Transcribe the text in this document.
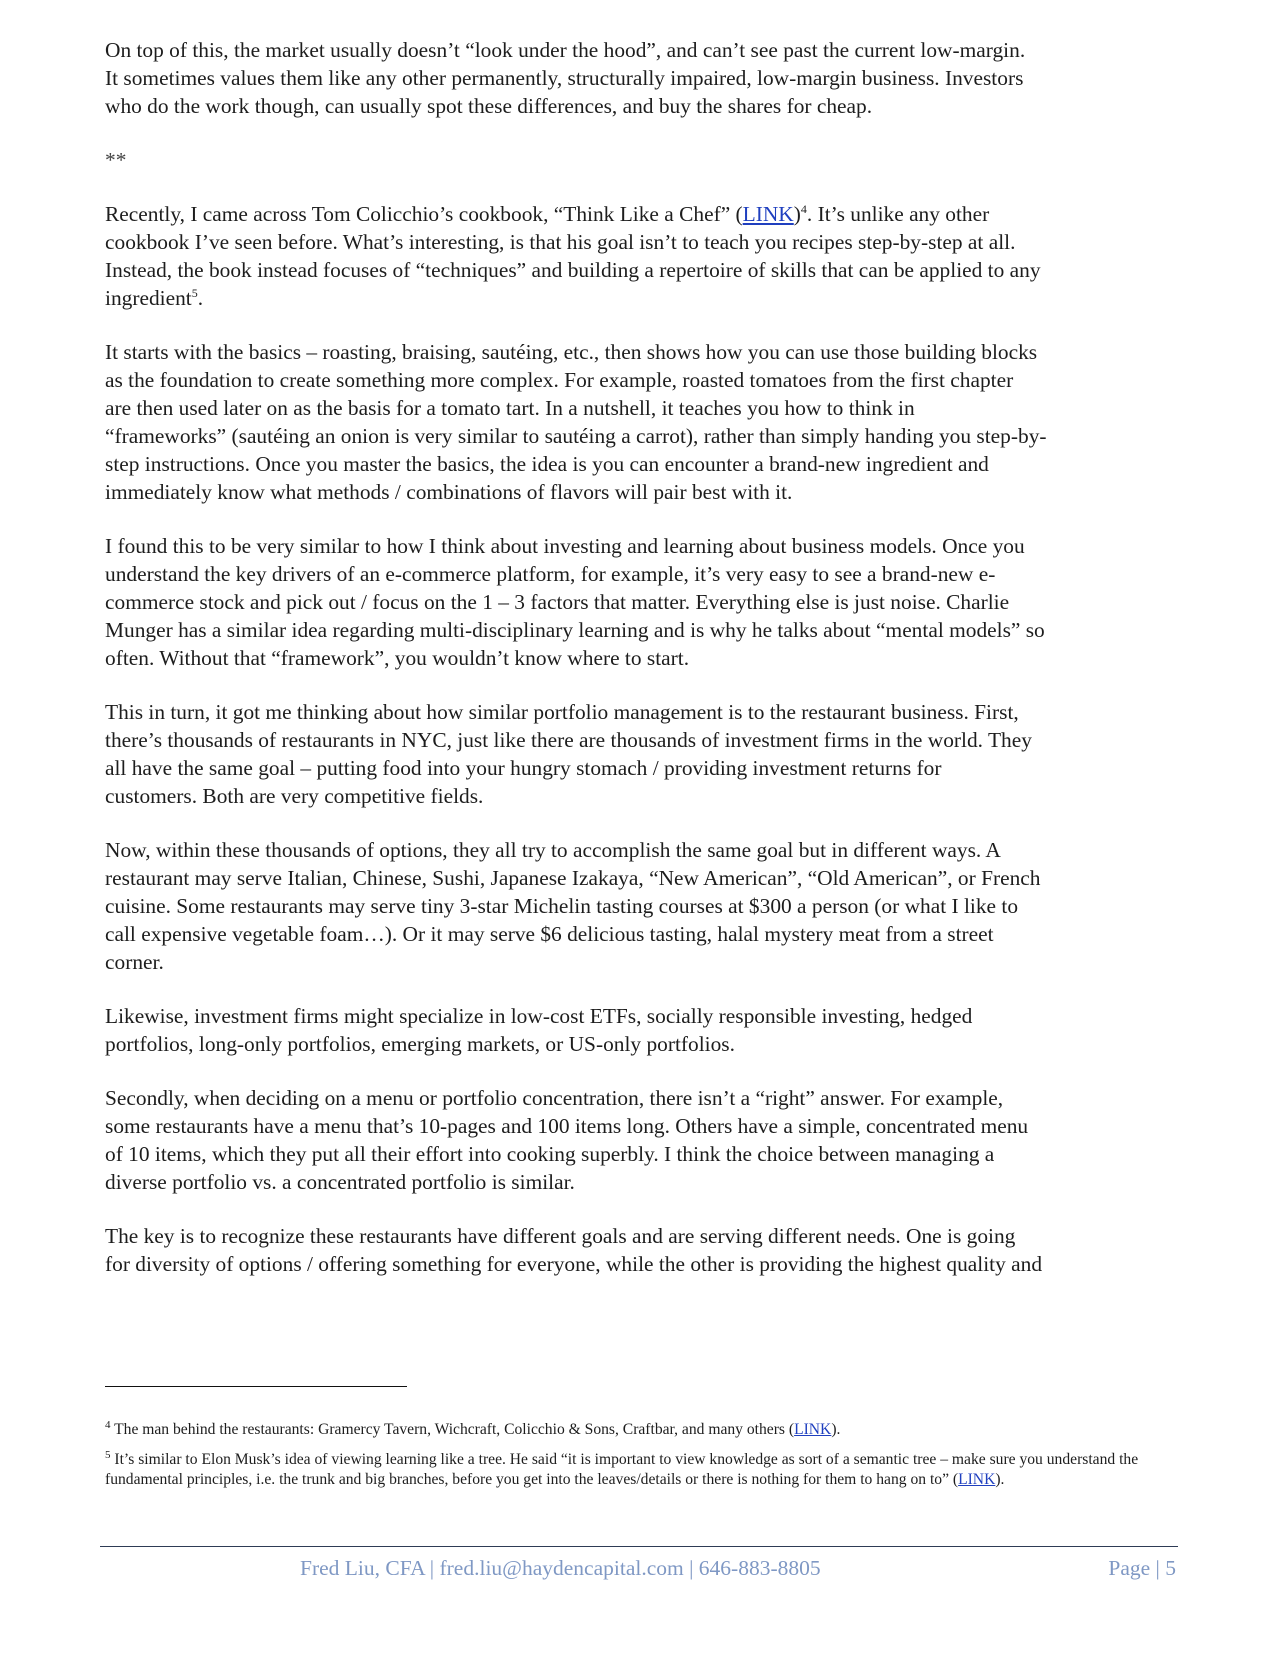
On top of this, the market usually doesn’t “look under the hood”, and can’t see past the current low-margin.
It sometimes values them like any other permanently, structurally impaired, low-margin business. Investors
who do the work though, can usually spot these differences, and buy the shares for cheap.

**

Recently, I came across Tom Colicchio’s cookbook, “Think Like a Chef” (LINK)$^4$. It’s unlike any other
cookbook I’ve seen before. What’s interesting, is that his goal isn’t to teach you recipes step-by-step at all.
Instead, the book instead focuses of “techniques” and building a repertoire of skills that can be applied to any
ingredient$^5$.

It starts with the basics – roasting, braising, sautéing, etc., then shows how you can use those building blocks
as the foundation to create something more complex. For example, roasted tomatoes from the first chapter
are then used later on as the basis for a tomato tart. In a nutshell, it teaches you how to think in
“frameworks” (sautéing an onion is very similar to sautéing a carrot), rather than simply handing you step-by-
step instructions. Once you master the basics, the idea is you can encounter a brand-new ingredient and
immediately know what methods / combinations of flavors will pair best with it.

I found this to be very similar to how I think about investing and learning about business models. Once you
understand the key drivers of an e-commerce platform, for example, it’s very easy to see a brand-new e-
commerce stock and pick out / focus on the 1 – 3 factors that matter. Everything else is just noise. Charlie
Munger has a similar idea regarding multi-disciplinary learning and is why he talks about “mental models” so
often. Without that “framework”, you wouldn’t know where to start.

This in turn, it got me thinking about how similar portfolio management is to the restaurant business. First,
there’s thousands of restaurants in NYC, just like there are thousands of investment firms in the world. They
all have the same goal – putting food into your hungry stomach / providing investment returns for
customers. Both are very competitive fields.

Now, within these thousands of options, they all try to accomplish the same goal but in different ways. A
restaurant may serve Italian, Chinese, Sushi, Japanese Izakaya, “New American”, “Old American”, or French
cuisine. Some restaurants may serve tiny 3-star Michelin tasting courses at $300 a person (or what I like to
call expensive vegetable foam…). Or it may serve $6 delicious tasting, halal mystery meat from a street
corner.

Likewise, investment firms might specialize in low-cost ETFs, socially responsible investing, hedged
portfolios, long-only portfolios, emerging markets, or US-only portfolios.

Secondly, when deciding on a menu or portfolio concentration, there isn’t a “right” answer. For example,
some restaurants have a menu that’s 10-pages and 100 items long. Others have a simple, concentrated menu
of 10 items, which they put all their effort into cooking superbly. I think the choice between managing a
diverse portfolio vs. a concentrated portfolio is similar.

The key is to recognize these restaurants have different goals and are serving different needs. One is going
for diversity of options / offering something for everyone, while the other is providing the highest quality and

$^4$ The man behind the restaurants: Gramercy Tavern, Wichcraft, Colicchio & Sons, Craftbar, and many others (LINK).

$^5$ It’s similar to Elon Musk’s idea of viewing learning like a tree. He said “it is important to view knowledge as sort of a semantic tree – make sure you understand the fundamental principles, i.e. the trunk and big branches, before you get into the leaves/details or there is nothing for them to hang on to” (LINK).

Fred Liu, CFA | fred.liu@haydencapital.com | 646-883-8805	Page | 5
